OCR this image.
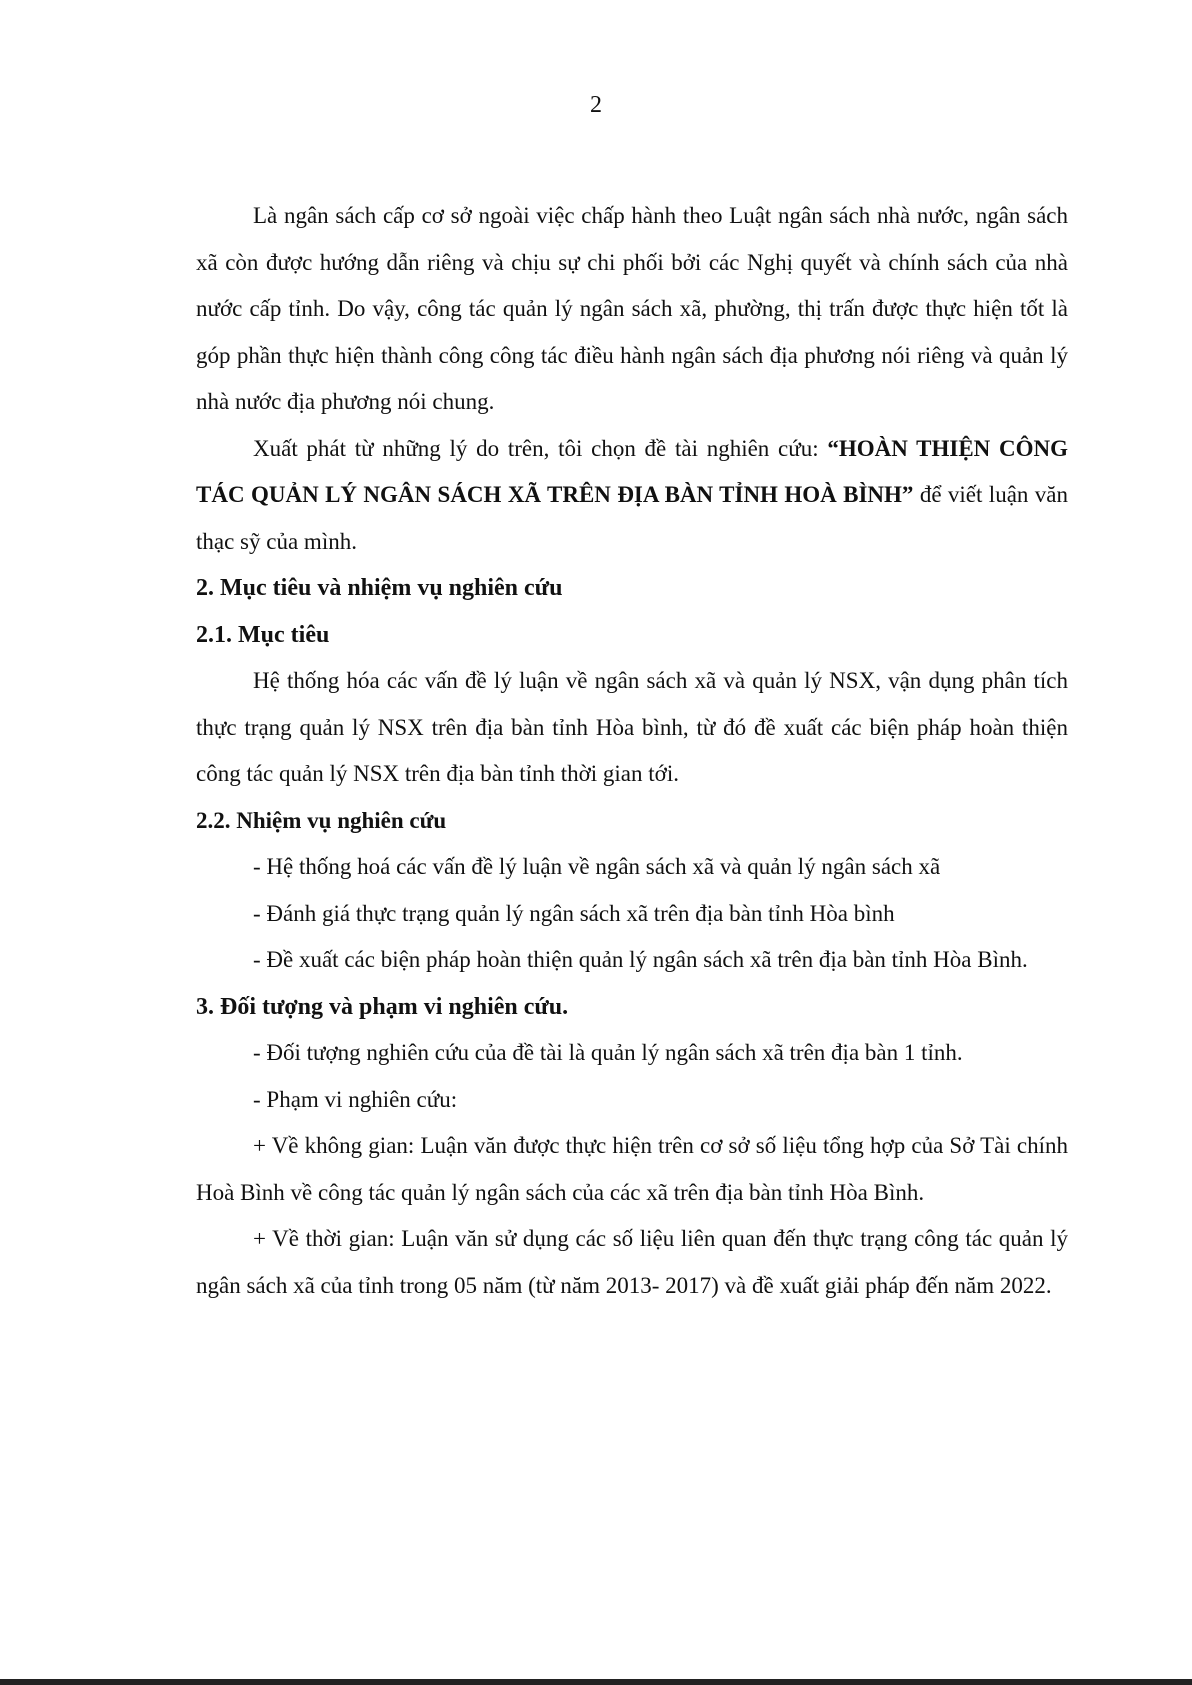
2

Là ngân sách cấp cơ sở ngoài việc chấp hành theo Luật ngân sách nhà nước, ngân sách xã còn được hướng dẫn riêng và chịu sự chi phối bởi các Nghị quyết và chính sách của nhà nước cấp tỉnh. Do vậy, công tác quản lý ngân sách xã, phường, thị trấn được thực hiện tốt là góp phần thực hiện thành công công tác điều hành ngân sách địa phương nói riêng và quản lý nhà nước địa phương nói chung.

Xuất phát từ những lý do trên, tôi chọn đề tài nghiên cứu: “HOÀN THIỆN CÔNG TÁC QUẢN LÝ NGÂN SÁCH XÃ TRÊN ĐỊA BÀN TỈNH HOÀ BÌNH” để viết luận văn thạc sỹ của mình.

2. Mục tiêu và nhiệm vụ nghiên cứu
2.1. Mục tiêu

Hệ thống hóa các vấn đề lý luận về ngân sách xã và quản lý NSX, vận dụng phân tích thực trạng quản lý NSX trên địa bàn tỉnh Hòa bình, từ đó đề xuất các biện pháp hoàn thiện công tác quản lý NSX trên địa bàn tỉnh thời gian tới.

2.2. Nhiệm vụ nghiên cứu

- Hệ thống hoá các vấn đề lý luận về ngân sách xã và quản lý ngân sách xã

- Đánh giá thực trạng quản lý ngân sách xã trên địa bàn tỉnh Hòa bình

- Đề xuất các biện pháp hoàn thiện quản lý ngân sách xã trên địa bàn tỉnh Hòa Bình.

3. Đối tượng và phạm vi nghiên cứu.

- Đối tượng nghiên cứu của đề tài là quản lý ngân sách xã trên địa bàn 1 tỉnh.

- Phạm vi nghiên cứu:

+ Về không gian: Luận văn được thực hiện trên cơ sở số liệu tổng hợp của Sở Tài chính Hoà Bình về công tác quản lý ngân sách của các xã trên địa bàn tỉnh Hòa Bình.

+ Về thời gian: Luận văn sử dụng các số liệu liên quan đến thực trạng công tác quản lý ngân sách xã của tỉnh trong 05 năm (từ năm 2013- 2017) và đề xuất giải pháp đến năm 2022.
